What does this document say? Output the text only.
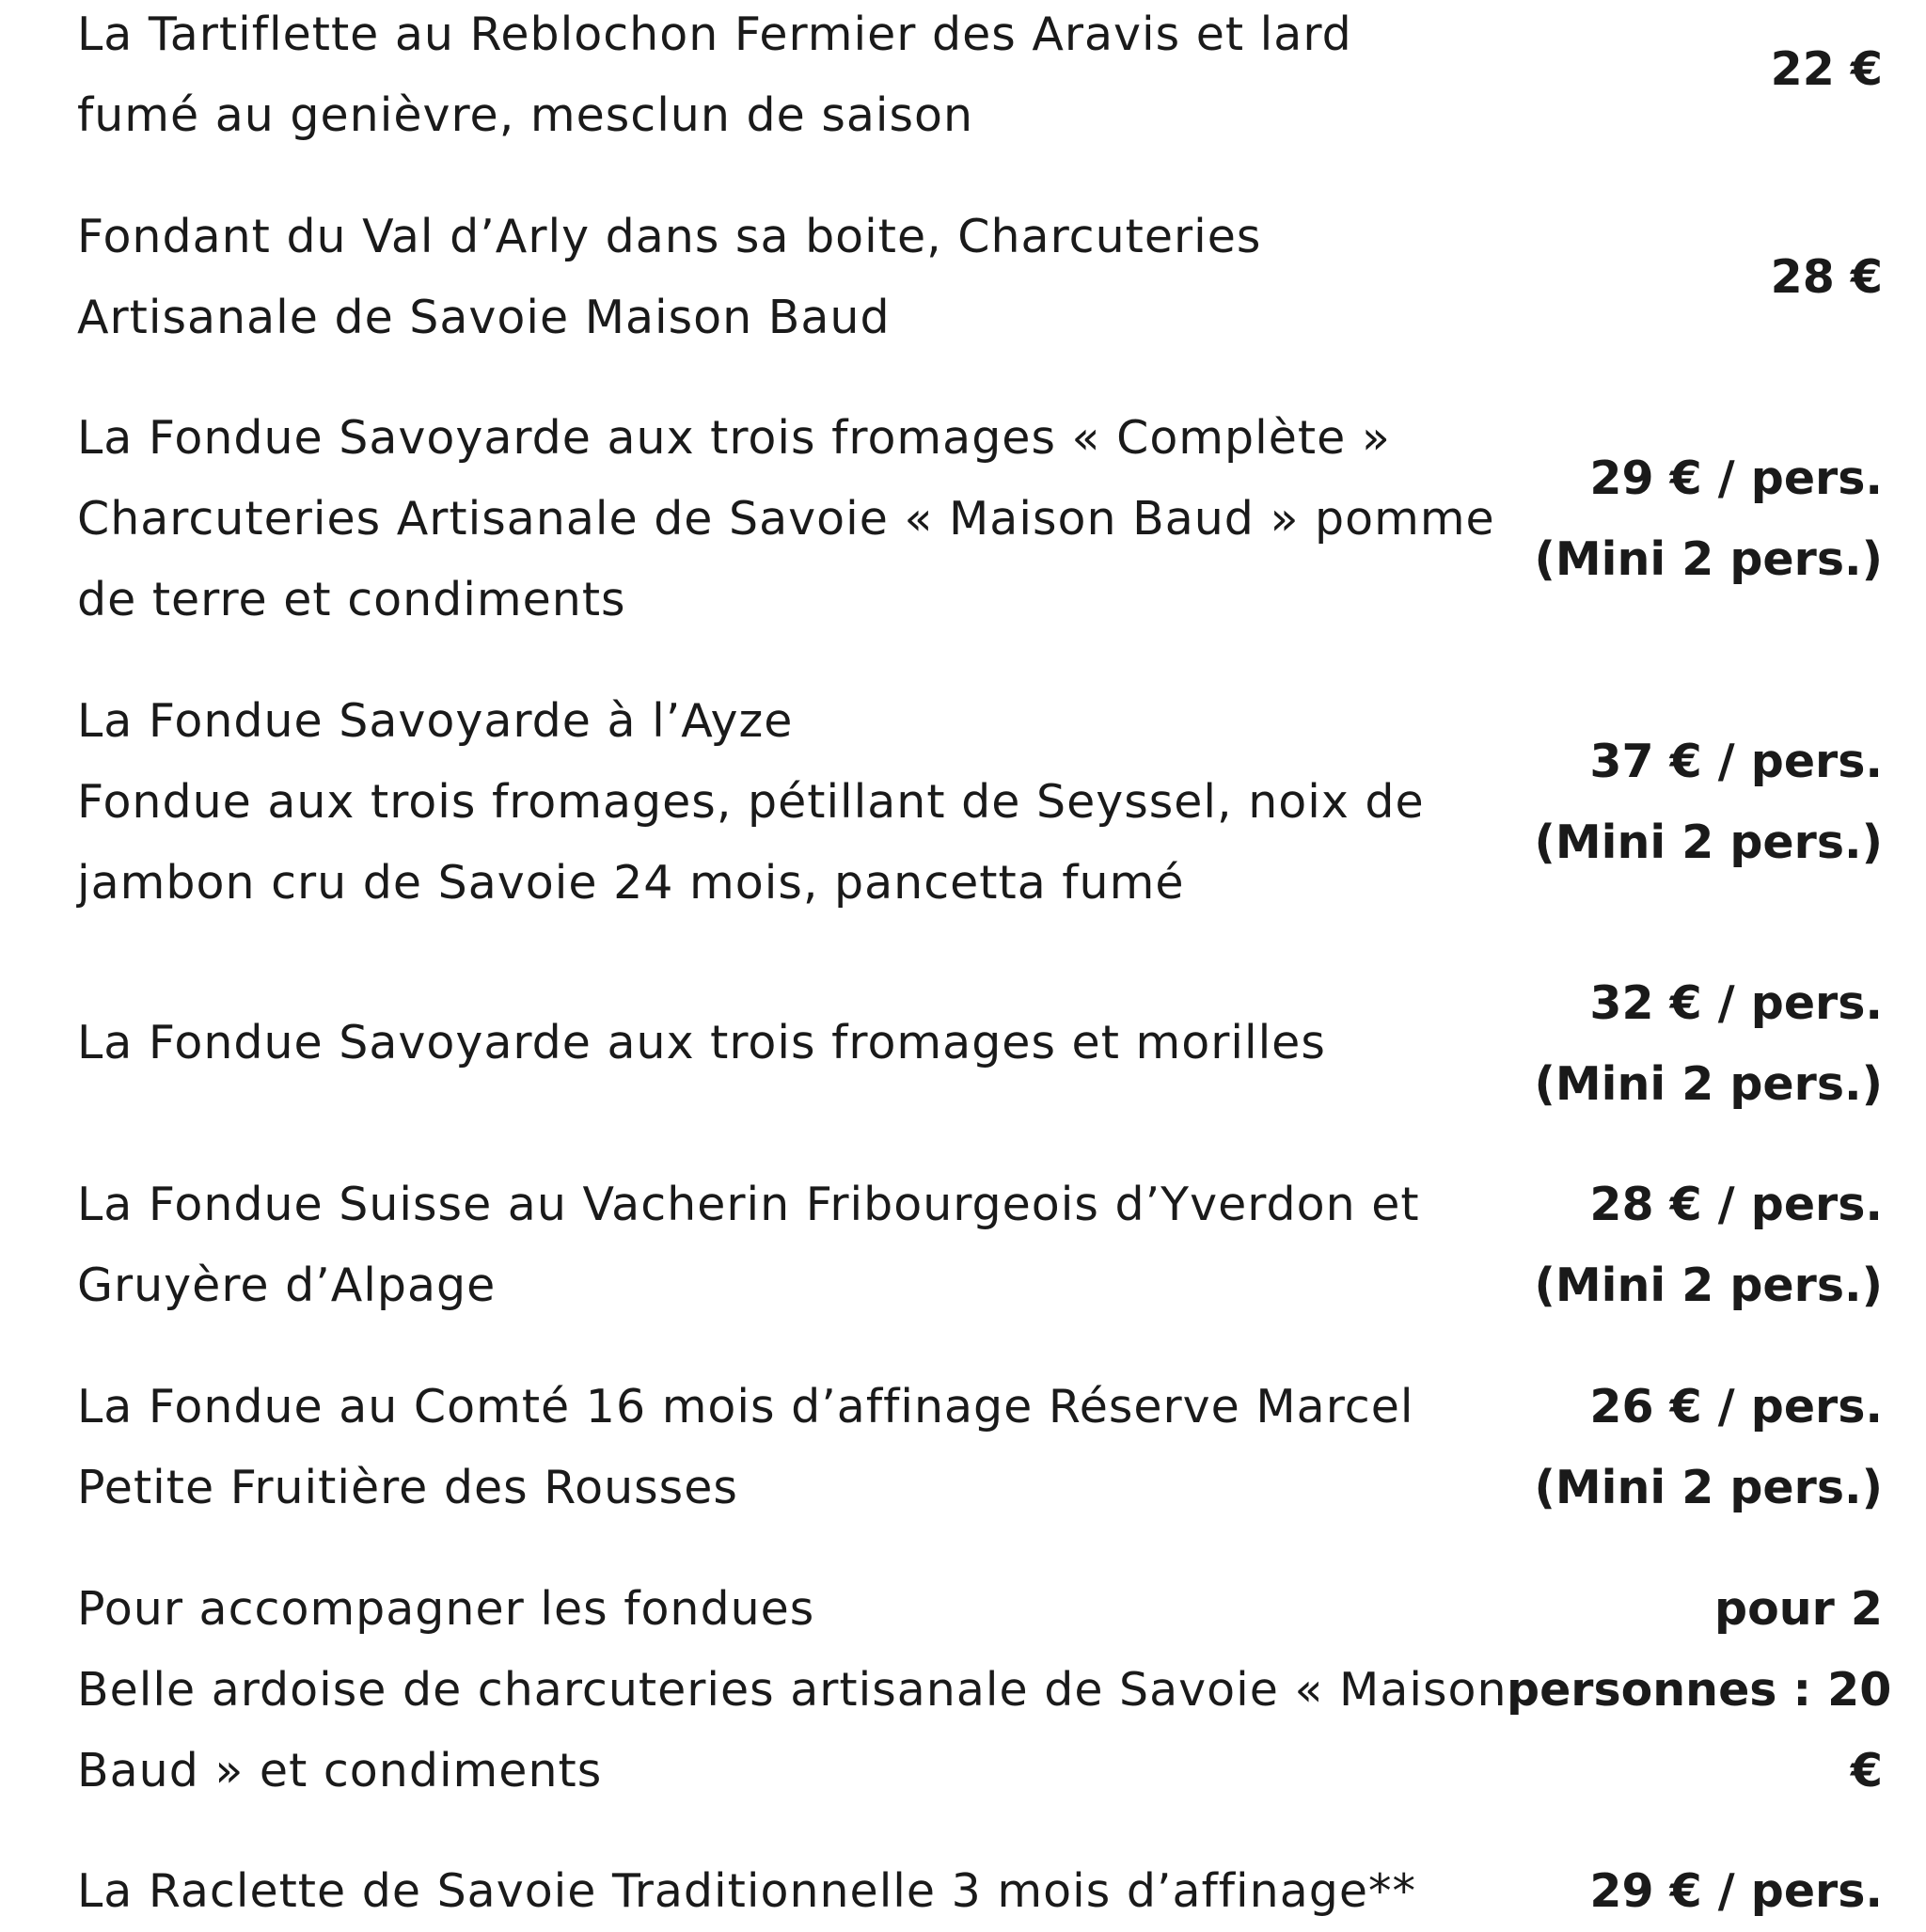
La Tartiflette au Reblochon Fermier des Aravis et lard
fumé au genièvre, mesclun de saison
22 €
Fondant du Val d’Arly dans sa boite, Charcuteries
Artisanale de Savoie Maison Baud
28 €
La Fondue Savoyarde aux trois fromages « Complète »
Charcuteries Artisanale de Savoie « Maison Baud » pomme
de terre et condiments
29 € / pers.
(Mini 2 pers.)
La Fondue Savoyarde à l’Ayze
Fondue aux trois fromages, pétillant de Seyssel, noix de
jambon cru de Savoie 24 mois, pancetta fumé
37 € / pers.
(Mini 2 pers.)
La Fondue Savoyarde aux trois fromages et morilles
32 € / pers.
(Mini 2 pers.)
La Fondue Suisse au Vacherin Fribourgeois d’Yverdon et
Gruyère d’Alpage
28 € / pers.
(Mini 2 pers.)
La Fondue au Comté 16 mois d’affinage Réserve Marcel
Petite Fruitière des Rousses
26 € / pers.
(Mini 2 pers.)
Pour accompagner les fondues
Belle ardoise de charcuteries artisanale de Savoie « Maison
Baud » et condiments
pour 2
personnes : 20
€
La Raclette de Savoie Traditionnelle 3 mois d’affinage**	29 € / pers.
